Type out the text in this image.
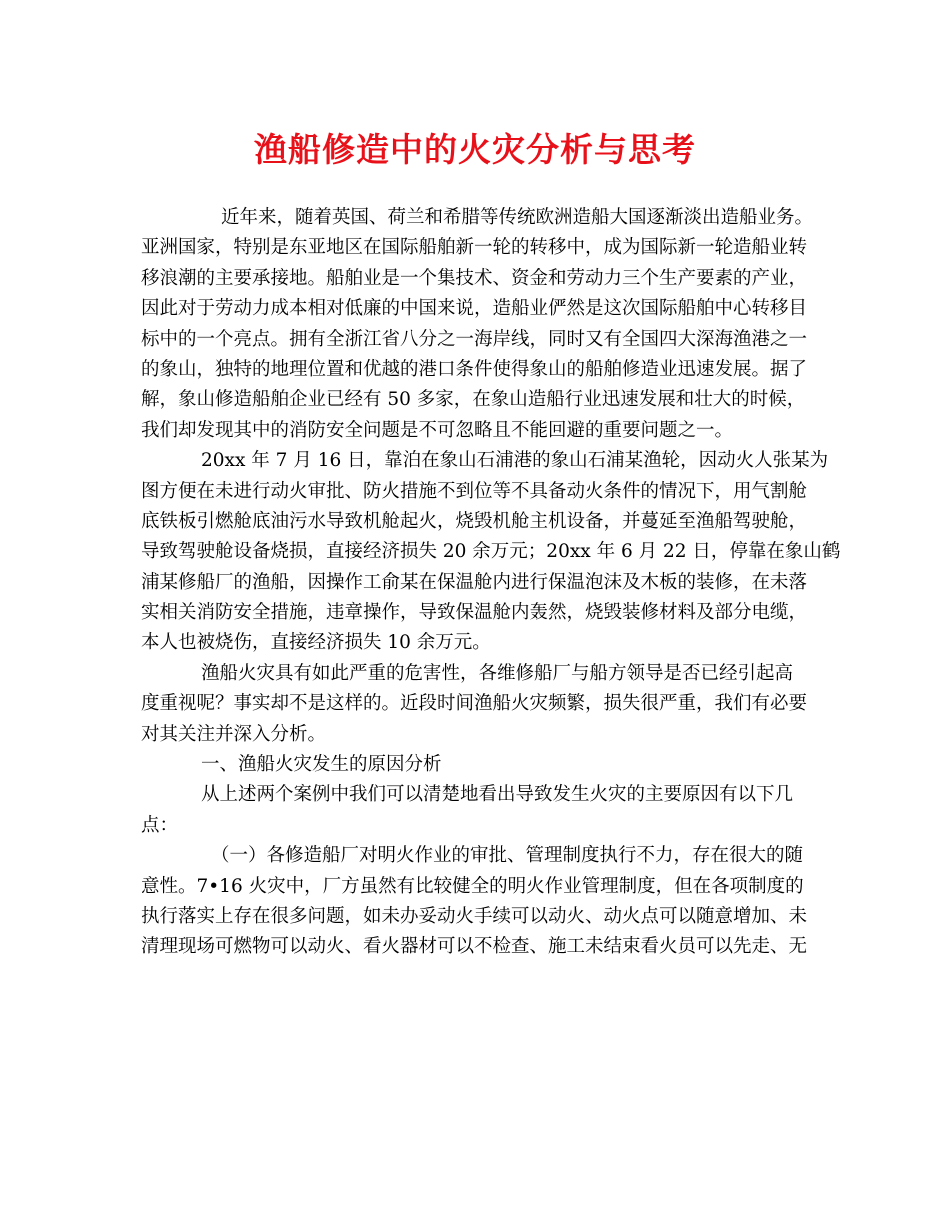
渔船修造中的火灾分析与思考
近年来，随着英国、荷兰和希腊等传统欧洲造船大国逐渐淡出造船业务。
亚洲国家，特别是东亚地区在国际船舶新一轮的转移中，成为国际新一轮造船业转
移浪潮的主要承接地。船舶业是一个集技术、资金和劳动力三个生产要素的产业，
因此对于劳动力成本相对低廉的中国来说，造船业俨然是这次国际船舶中心转移目
标中的一个亮点。拥有全浙江省八分之一海岸线，同时又有全国四大深海渔港之一
的象山，独特的地理位置和优越的港口条件使得象山的船舶修造业迅速发展。据了
解，象山修造船舶企业已经有 50 多家，在象山造船行业迅速发展和壮大的时候，
我们却发现其中的消防安全问题是不可忽略且不能回避的重要问题之一。
20xx 年 7 月 16 日，靠泊在象山石浦港的象山石浦某渔轮，因动火人张某为
图方便在未进行动火审批、防火措施不到位等不具备动火条件的情况下，用气割舱
底铁板引燃舱底油污水导致机舱起火，烧毁机舱主机设备，并蔓延至渔船驾驶舱，
导致驾驶舱设备烧损，直接经济损失 20 余万元；20xx 年 6 月 22 日，停靠在象山鹤
浦某修船厂的渔船，因操作工俞某在保温舱内进行保温泡沫及木板的装修，在未落
实相关消防安全措施，违章操作，导致保温舱内轰然，烧毁装修材料及部分电缆，
本人也被烧伤，直接经济损失 10 余万元。
渔船火灾具有如此严重的危害性，各维修船厂与船方领导是否已经引起高
度重视呢？事实却不是这样的。近段时间渔船火灾频繁，损失很严重，我们有必要
对其关注并深入分析。
一、渔船火灾发生的原因分析
从上述两个案例中我们可以清楚地看出导致发生火灾的主要原因有以下几
点：
（一）各修造船厂对明火作业的审批、管理制度执行不力，存在很大的随
意性。7•16 火灾中，厂方虽然有比较健全的明火作业管理制度，但在各项制度的
执行落实上存在很多问题，如未办妥动火手续可以动火、动火点可以随意增加、未
清理现场可燃物可以动火、看火器材可以不检查、施工未结束看火员可以先走、无
